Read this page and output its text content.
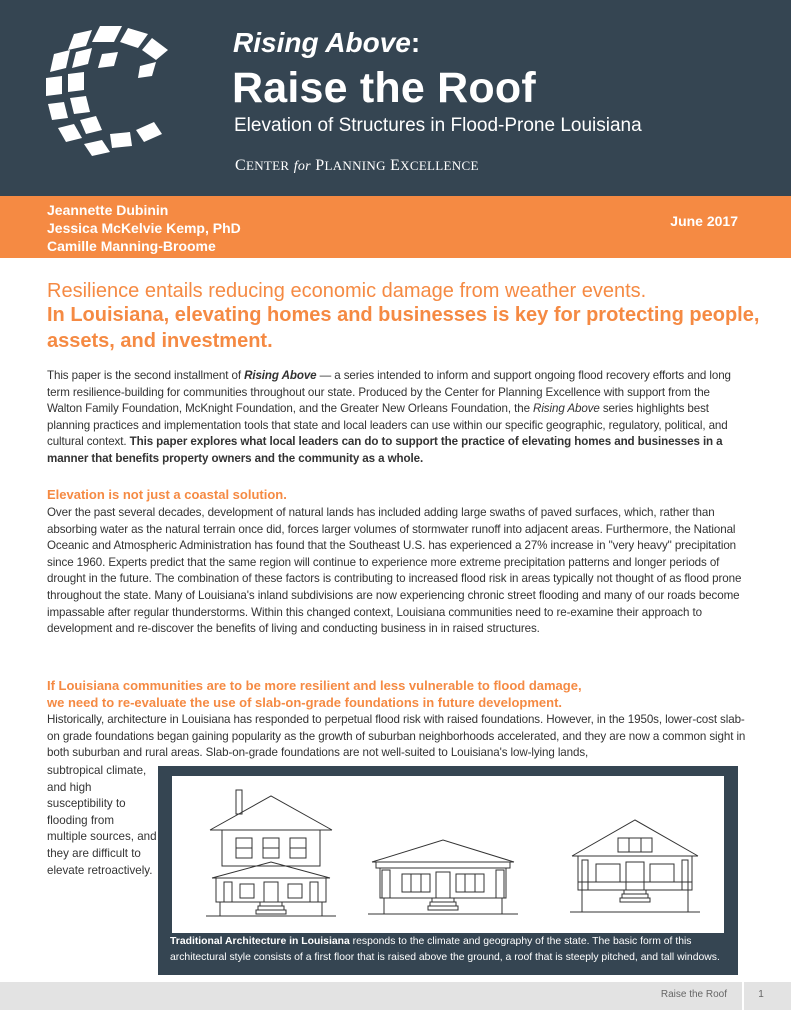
Rising Above:
Raise the Roof
Elevation of Structures in Flood-Prone Louisiana
CENTER for PLANNING EXCELLENCE
Jeannette Dubinin
Jessica McKelvie Kemp, PhD
Camille Manning-Broome
June 2017
Resilience entails reducing economic damage from weather events.
In Louisiana, elevating homes and businesses is key for protecting people, assets, and investment.
This paper is the second installment of Rising Above — a series intended to inform and support ongoing flood recovery efforts and long term resilience-building for communities throughout our state. Produced by the Center for Planning Excellence with support from the Walton Family Foundation, McKnight Foundation, and the Greater New Orleans Foundation, the Rising Above series highlights best planning practices and implementation tools that state and local leaders can use within our specific geographic, regulatory, political, and cultural context. This paper explores what local leaders can do to support the practice of elevating homes and businesses in a manner that benefits property owners and the community as a whole.
Elevation is not just a coastal solution.
Over the past several decades, development of natural lands has included adding large swaths of paved surfaces, which, rather than absorbing water as the natural terrain once did, forces larger volumes of stormwater runoff into adjacent areas. Furthermore, the National Oceanic and Atmospheric Administration has found that the Southeast U.S. has experienced a 27% increase in "very heavy" precipitation since 1960. Experts predict that the same region will continue to experience more extreme precipitation patterns and longer periods of drought in the future. The combination of these factors is contributing to increased flood risk in areas typically not thought of as flood prone throughout the state. Many of Louisiana's inland subdivisions are now experiencing chronic street flooding and many of our roads become impassable after regular thunderstorms. Within this changed context, Louisiana communities need to re-examine their approach to development and re-discover the benefits of living and conducting business in in raised structures.
If Louisiana communities are to be more resilient and less vulnerable to flood damage,
we need to re-evaluate the use of slab-on-grade foundations in future development.
Historically, architecture in Louisiana has responded to perpetual flood risk with raised foundations. However, in the 1950s, lower-cost slab-on grade foundations began gaining popularity as the growth of suburban neighborhoods accelerated, and they are now a common sight in both suburban and rural areas. Slab-on-grade foundations are not well-suited to Louisiana's low-lying lands,
subtropical climate, and high susceptibility to flooding from multiple sources, and they are difficult to elevate retroactively.
Traditional Architecture in Louisiana responds to the climate and geography of the state. The basic form of this architectural style consists of a first floor that is raised above the ground, a roof that is steeply pitched, and tall windows.
Raise the Roof	1
